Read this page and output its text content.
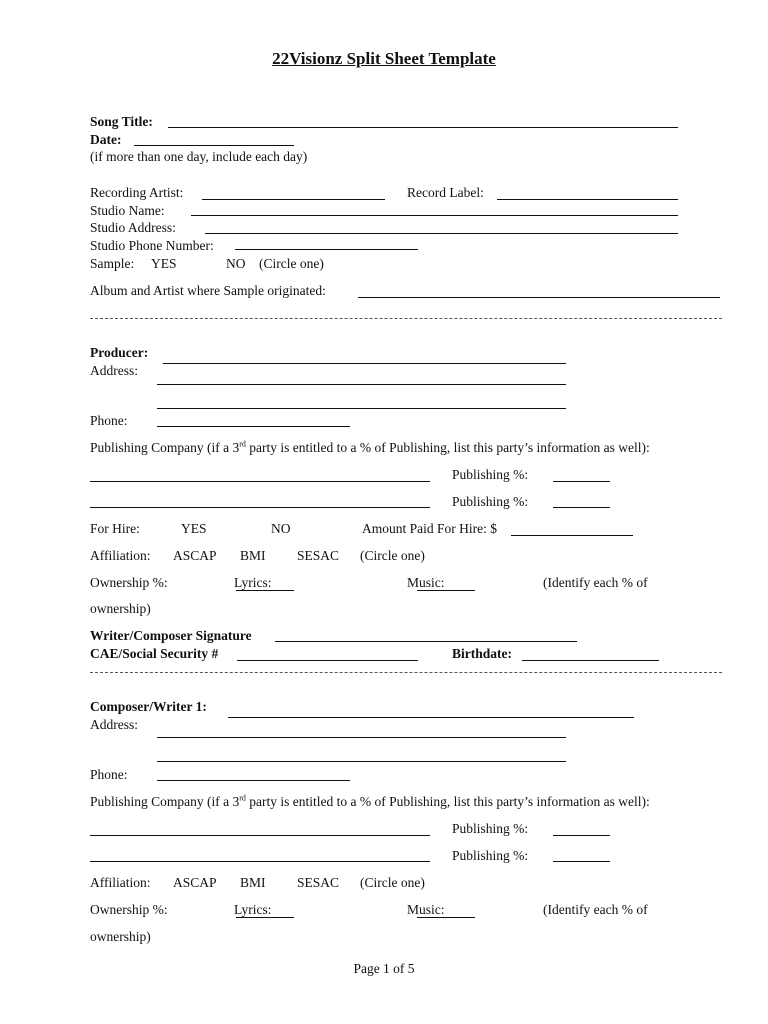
22Visionz Split Sheet Template
Song Title:
Date:
(if more than one day, include each day)
Recording Artist:	Record Label:
Studio Name:
Studio Address:
Studio Phone Number:
Sample: YES	NO (Circle one)
Album and Artist where Sample originated:
Producer:
Address:
Phone:
Publishing Company (if a 3rd party is entitled to a % of Publishing, list this party’s information as well):
Publishing %:
Publishing %:
For Hire:	YES	NO	Amount Paid For Hire: $
Affiliation: ASCAP BMI SESAC (Circle one)
Ownership %:	Lyrics:	Music:	(Identify each % of
ownership)
Writer/Composer Signature
CAE/Social Security #	Birthdate:
Composer/Writer 1:
Address:
Phone:
Publishing Company (if a 3rd party is entitled to a % of Publishing, list this party’s information as well):
Publishing %:
Publishing %:
Affiliation: ASCAP BMI SESAC (Circle one)
Ownership %:	Lyrics:	Music:	(Identify each % of
ownership)
Page 1 of 5
